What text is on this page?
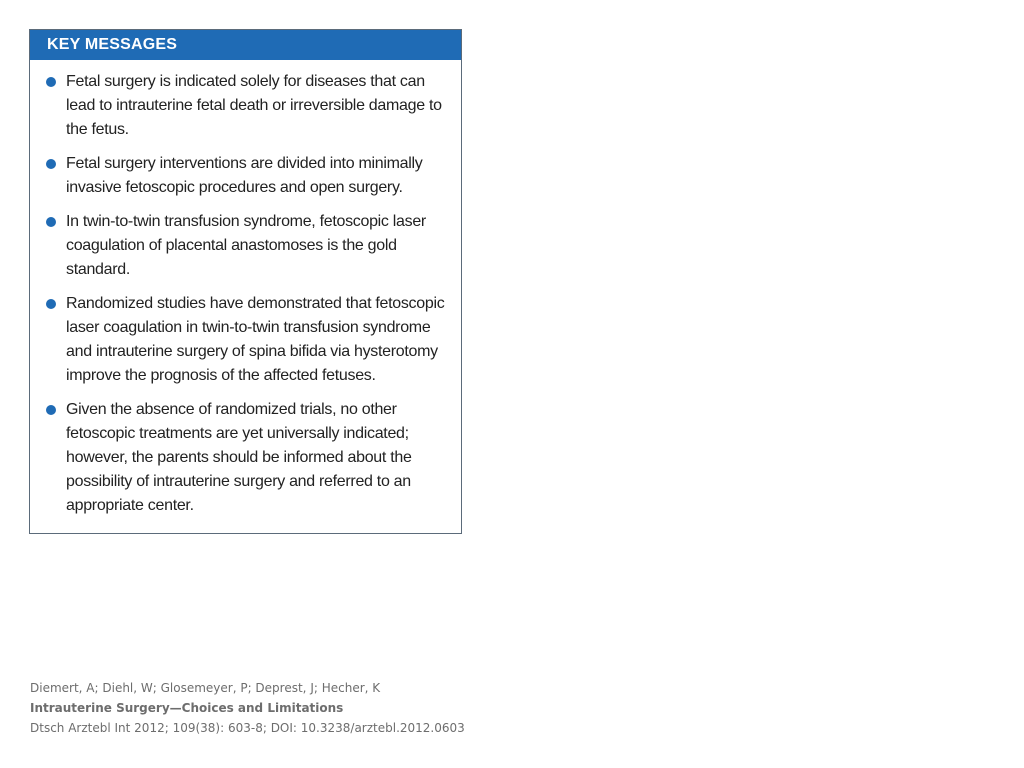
KEY MESSAGES
Fetal surgery is indicated solely for diseases that can lead to intrauterine fetal death or irreversible damage to the fetus.
Fetal surgery interventions are divided into minimally invasive fetoscopic procedures and open surgery.
In twin-to-twin transfusion syndrome, fetoscopic laser coagulation of placental anastomoses is the gold standard.
Randomized studies have demonstrated that fetoscopic laser coagulation in twin-to-twin transfusion syndrome and intrauterine surgery of spina bifida via hysterotomy improve the prognosis of the affected fetuses.
Given the absence of randomized trials, no other fetoscopic treatments are yet universally indicated; however, the parents should be informed about the possibility of intrauterine surgery and referred to an appropriate center.
Diemert, A; Diehl, W; Glosemeyer, P; Deprest, J; Hecher, K
Intrauterine Surgery—Choices and Limitations
Dtsch Arztebl Int 2012; 109(38): 603-8; DOI: 10.3238/arztebl.2012.0603
